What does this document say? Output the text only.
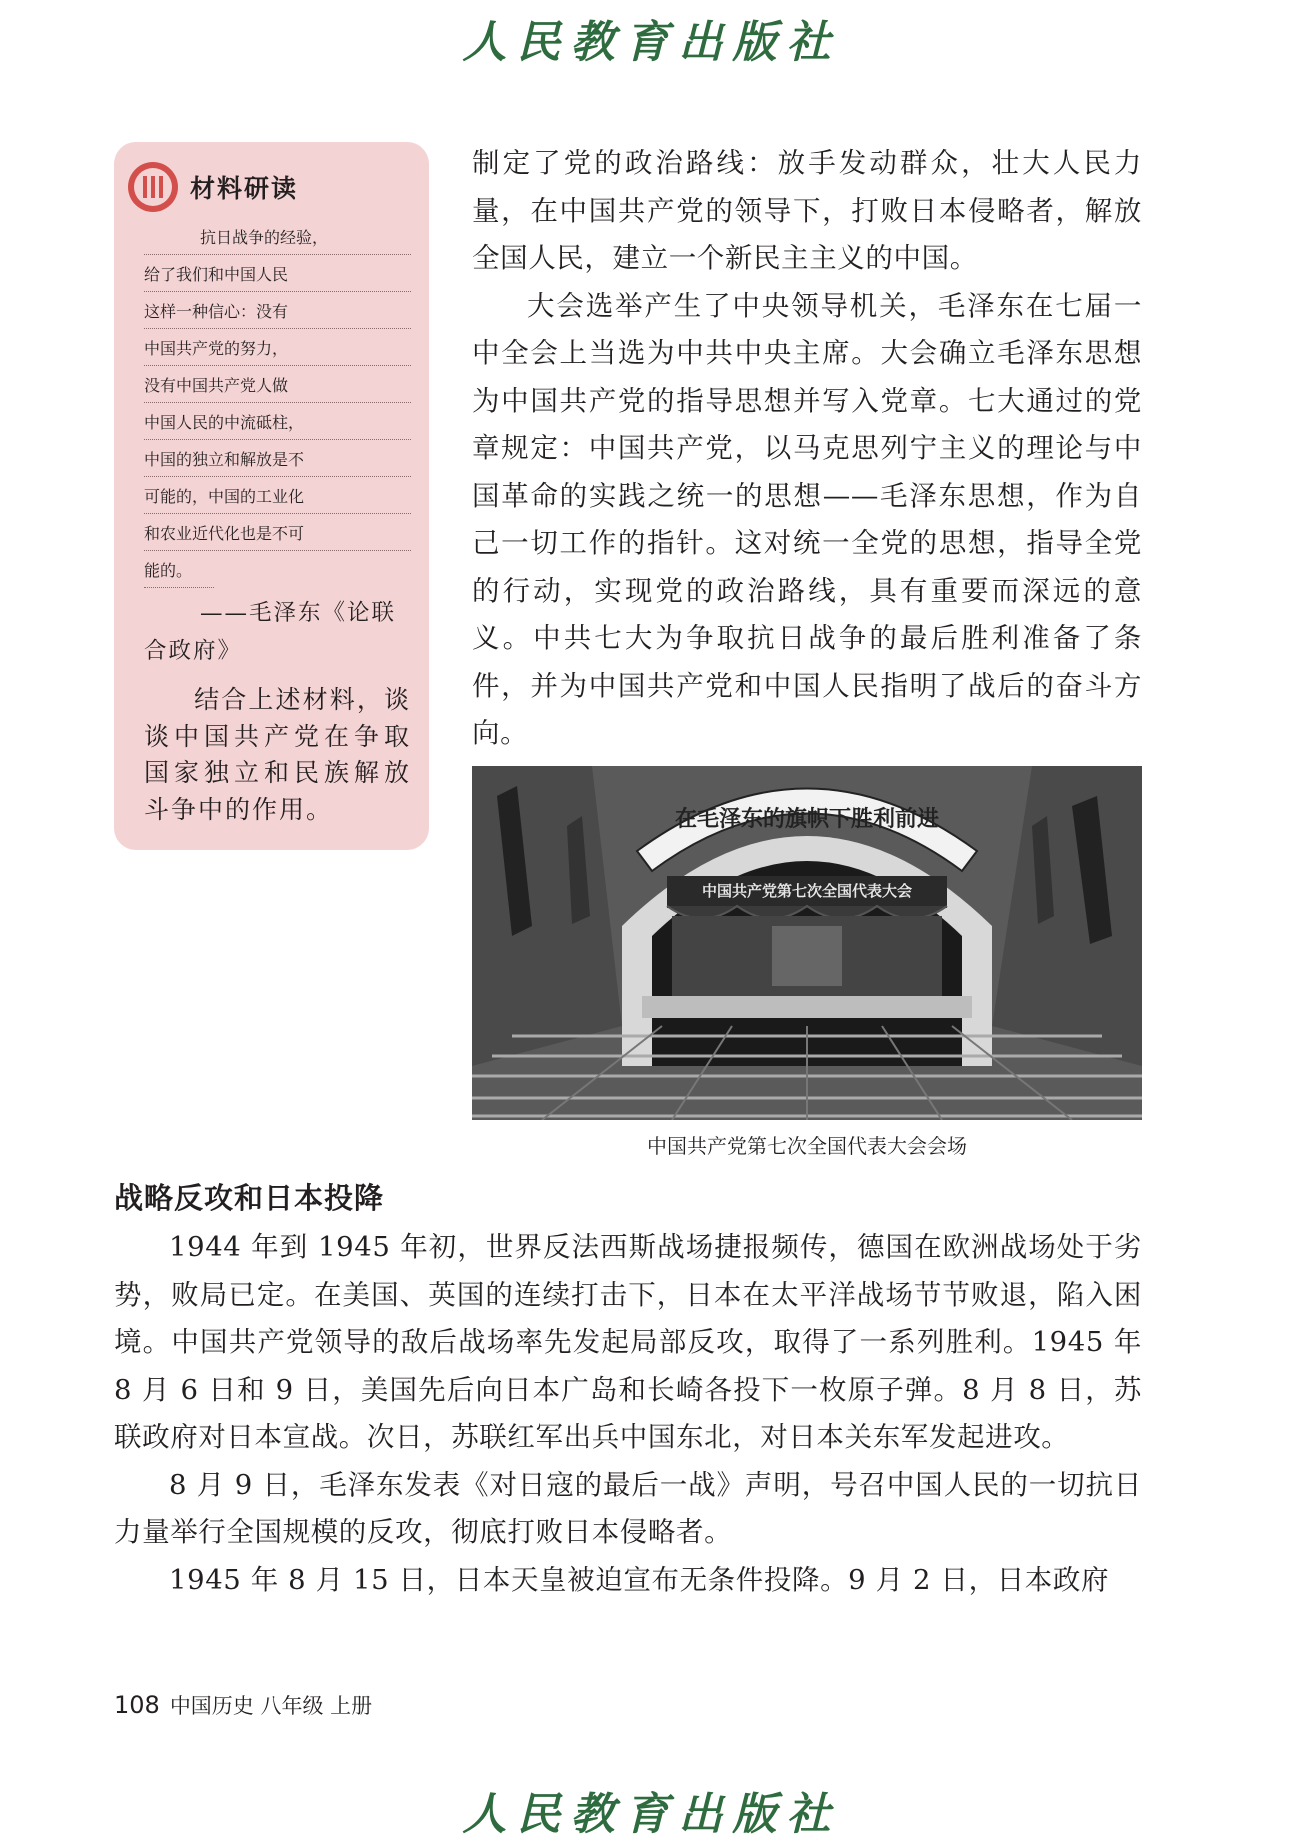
人民教育出版社
材料研读
抗日战争的经验，
给了我们和中国人民
这样一种信心：没有
中国共产党的努力，
没有中国共产党人做
中国人民的中流砥柱，
中国的独立和解放是不
可能的，中国的工业化
和农业近代化也是不可
能的。
——毛泽东《论联
合政府》
结合上述材料，谈谈中国共产党在争取国家独立和民族解放斗争中的作用。

制定了党的政治路线：放手发动群众，壮大人民力量，在中国共产党的领导下，打败日本侵略者，解放全国人民，建立一个新民主主义的中国。

大会选举产生了中央领导机关，毛泽东在七届一中全会上当选为中共中央主席。大会确立毛泽东思想为中国共产党的指导思想并写入党章。七大通过的党章规定：中国共产党，以马克思列宁主义的理论与中国革命的实践之统一的思想——毛泽东思想，作为自己一切工作的指针。这对统一全党的思想，指导全党的行动，实现党的政治路线，具有重要而深远的意义。中共七大为争取抗日战争的最后胜利准备了条件，并为中国共产党和中国人民指明了战后的奋斗方向。

在毛泽东的旗帜下胜利前进
中国共产党第七次全国代表大会
中国共产党第七次全国代表大会会场
战略反攻和日本投降

1944 年到 1945 年初，世界反法西斯战场捷报频传，德国在欧洲战场处于劣势，败局已定。在美国、英国的连续打击下，日本在太平洋战场节节败退，陷入困境。中国共产党领导的敌后战场率先发起局部反攻，取得了一系列胜利。1945 年 8 月 6 日和 9 日，美国先后向日本广岛和长崎各投下一枚原子弹。8 月 8 日，苏联政府对日本宣战。次日，苏联红军出兵中国东北，对日本关东军发起进攻。

8 月 9 日，毛泽东发表《对日寇的最后一战》声明，号召中国人民的一切抗日力量举行全国规模的反攻，彻底打败日本侵略者。

1945 年 8 月 15 日，日本天皇被迫宣布无条件投降。9 月 2 日，日本政府

108 中国历史 八年级 上册
人民教育出版社
